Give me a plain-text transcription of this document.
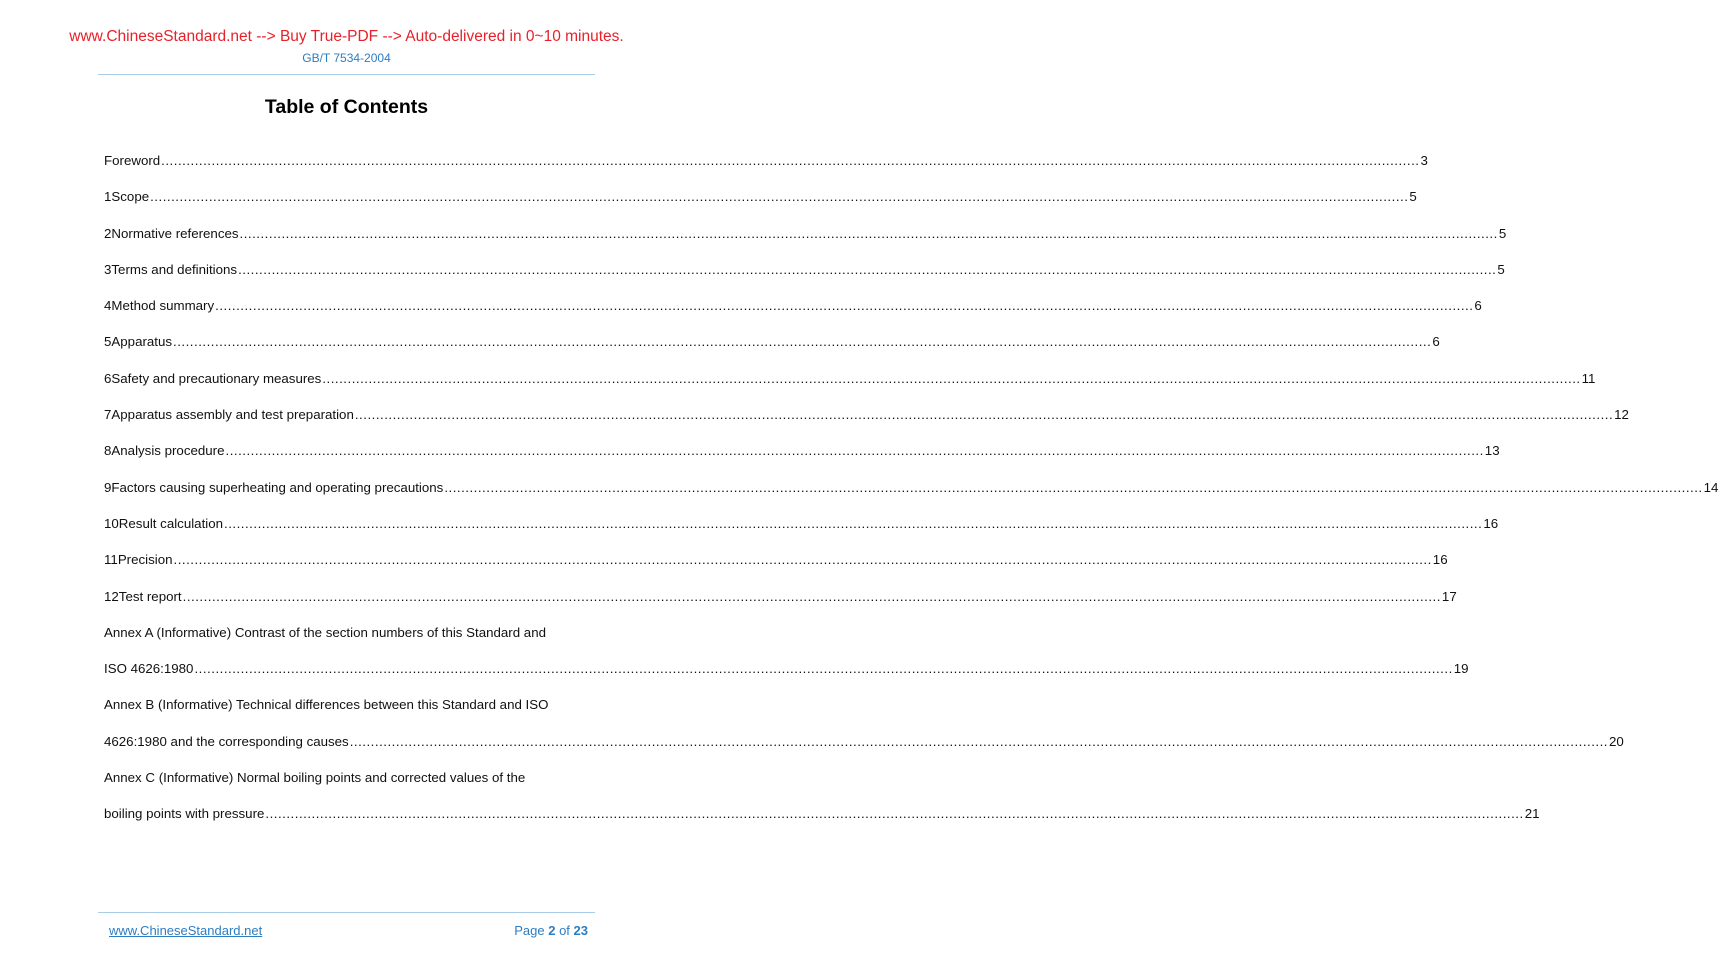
www.ChineseStandard.net --> Buy True-PDF --> Auto-delivered in 0~10 minutes.
GB/T 7534-2004
Table of Contents
Foreword ............................................................................................................................................................................................................................................................................................................ 3
1 Scope ............................................................................................................................................................................................................................................................................................................ 5
2 Normative references ............................................................................................................................................................................................................................................................................................................ 5
3 Terms and definitions ............................................................................................................................................................................................................................................................................................................ 5
4 Method summary ............................................................................................................................................................................................................................................................................................................ 6
5 Apparatus ............................................................................................................................................................................................................................................................................................................ 6
6 Safety and precautionary measures ............................................................................................................................................................................................................................................................................................................ 11
7 Apparatus assembly and test preparation ............................................................................................................................................................................................................................................................................................................ 12
8 Analysis procedure ............................................................................................................................................................................................................................................................................................................ 13
9 Factors causing superheating and operating precautions ............................................................................................................................................................................................................................................................................................................ 14
10 Result calculation ............................................................................................................................................................................................................................................................................................................ 16
11 Precision ............................................................................................................................................................................................................................................................................................................ 16
12 Test report ............................................................................................................................................................................................................................................................................................................ 17
Annex A (Informative) Contrast of the section numbers of this Standard and
ISO 4626:1980 ............................................................................................................................................................................................................................................................................................................ 19
Annex B (Informative) Technical differences between this Standard and ISO
4626:1980 and the corresponding causes ............................................................................................................................................................................................................................................................................................................ 20
Annex C (Informative) Normal boiling points and corrected values of the
boiling points with pressure ............................................................................................................................................................................................................................................................................................................ 21
www.ChineseStandard.net	Page 2 of 23
